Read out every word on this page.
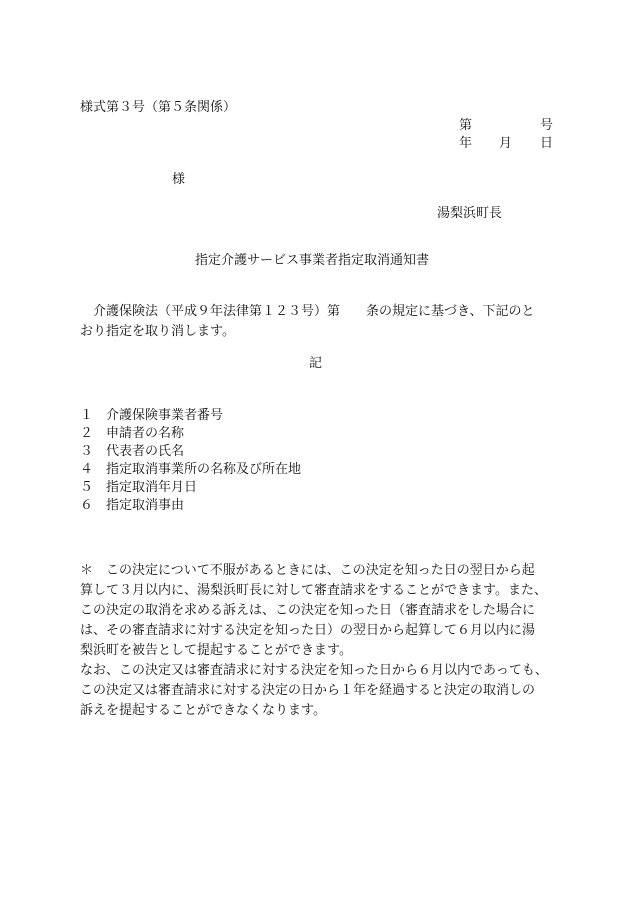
様式第３号（第５条関係）
第	号
年 月 日
様
湯梨浜町長
指定介護サービス事業者指定取消通知書
介護保険法（平成９年法律第１２３号）第　　条の規定に基づき、下記のと
おり指定を取り消します。
記
１ 介護保険事業者番号
２ 申請者の名称
３ 代表者の氏名
４ 指定取消事業所の名称及び所在地
５ 指定取消年月日
６ 指定取消事由
＊　この決定について不服があるときには、この決定を知った日の翌日から起
算して３月以内に、湯梨浜町長に対して審査請求をすることができます。また、
この決定の取消を求める訴えは、この決定を知った日（審査請求をした場合に
は、その審査請求に対する決定を知った日）の翌日から起算して６月以内に湯
梨浜町を被告として提起することができます。
なお、この決定又は審査請求に対する決定を知った日から６月以内であっても、
この決定又は審査請求に対する決定の日から１年を経過すると決定の取消しの
訴えを提起することができなくなります。
